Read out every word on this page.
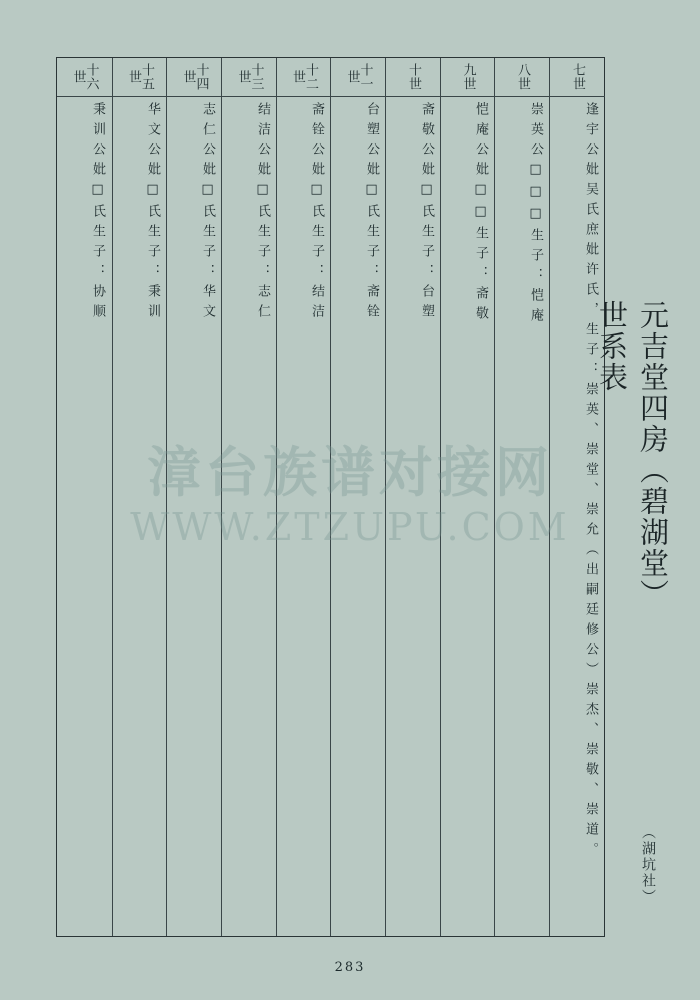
七世
逢宇公妣吴氏庶妣许氏，生子：崇英、崇堂、崇允（出嗣廷修公）崇杰、崇敬、崇道。
八世
崇英公□□□生子：恺庵
九世
恺庵公妣□□生子：斋敬
十世
斋敬公妣□氏生子：台塑
十一世
台塑公妣□氏生子：斋铨
十二世
斋铨公妣□氏生子：结洁
十三世
结洁公妣□氏生子：志仁
十四世
志仁公妣□氏生子：华文
十五世
华文公妣□氏生子：秉训
十六世
秉训公妣□氏生子：协顺
元吉堂四房（碧湖堂）世系表
（湖坑社）
漳台族谱对接网
WWW.ZTZUPU.COM
283
